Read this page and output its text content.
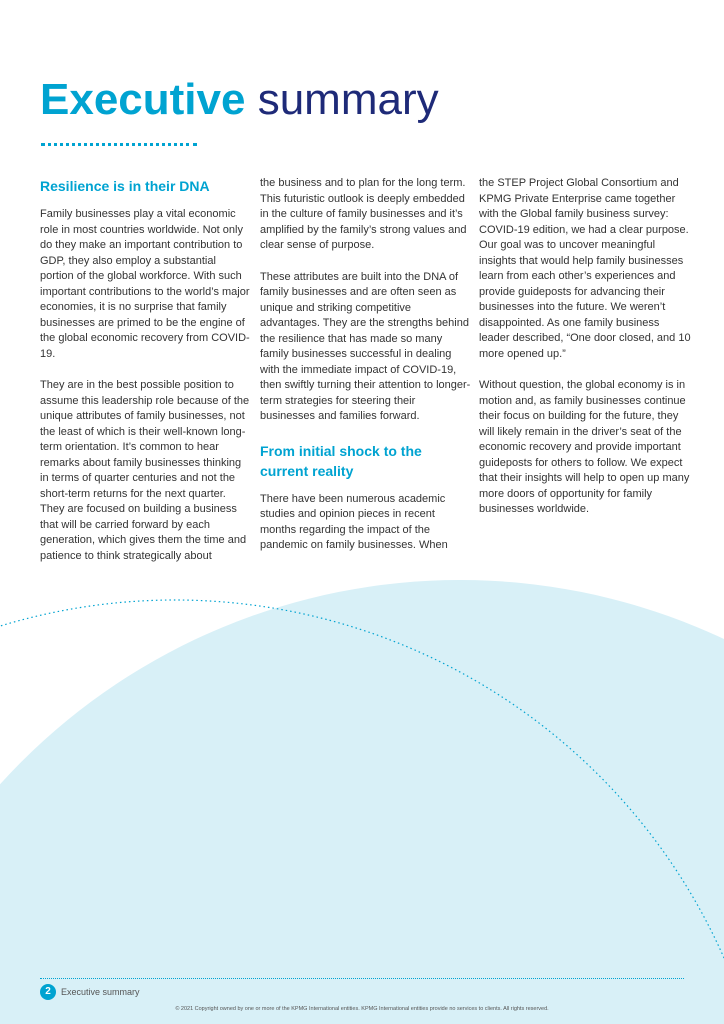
Executive summary
Resilience is in their DNA

Family businesses play a vital economic role in most countries worldwide. Not only do they make an important contribution to GDP, they also employ a substantial portion of the global workforce. With such important contributions to the world’s major economies, it is no surprise that family businesses are primed to be the engine of the global economic recovery from COVID-19.

They are in the best possible position to assume this leadership role because of the unique attributes of family businesses, not the least of which is their well-known long-term orientation. It’s common to hear remarks about family businesses thinking in terms of quarter centuries and not the short-term returns for the next quarter. They are focused on building a business that will be carried forward by each generation, which gives them the time and patience to think strategically about

the business and to plan for the long term. This futuristic outlook is deeply embedded in the culture of family businesses and it’s amplified by the family’s strong values and clear sense of purpose.

These attributes are built into the DNA of family businesses and are often seen as unique and striking competitive advantages. They are the strengths behind the resilience that has made so many family businesses successful in dealing with the immediate impact of COVID-19, then swiftly turning their attention to longer-term strategies for steering their businesses and families forward.

From initial shock to the current reality

There have been numerous academic studies and opinion pieces in recent months regarding the impact of the pandemic on family businesses. When

the STEP Project Global Consortium and KPMG Private Enterprise came together with the Global family business survey: COVID-19 edition, we had a clear purpose. Our goal was to uncover meaningful insights that would help family businesses learn from each other’s experiences and provide guideposts for advancing their businesses into the future. We weren’t disappointed. As one family business leader described, “One door closed, and 10 more opened up.”

Without question, the global economy is in motion and, as family businesses continue their focus on building for the future, they will likely remain in the driver’s seat of the economic recovery and provide important guideposts for others to follow. We expect that their insights will help to open up many more doors of opportunity for family businesses worldwide.

2	Executive summary
© 2021 Copyright owned by one or more of the KPMG International entities. KPMG International entities provide no services to clients. All rights reserved.
